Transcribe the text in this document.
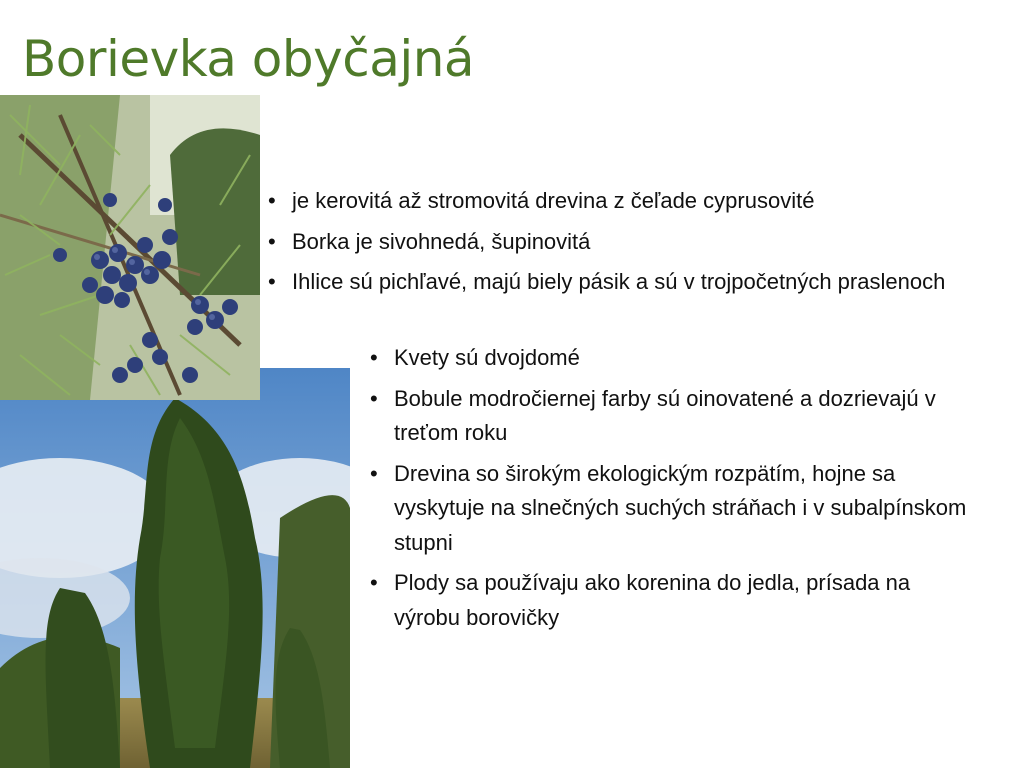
Borievka obyčajná
• je kerovitá až stromovitá drevina z čeľade cyprusovité
• Borka je sivohnedá, šupinovitá
• Ihlice sú pichľavé, majú biely pásik a sú v trojpočetných praslenoch
• Kvety sú dvojdomé
• Bobule modročiernej farby sú oinovatené a dozrievajú v treťom roku
• Drevina so širokým ekologickým rozpätím, hojne sa vyskytuje na slnečných suchých stráňach i v subalpínskom stupni
• Plody sa používaju ako korenina do jedla, prísada na výrobu borovičky
